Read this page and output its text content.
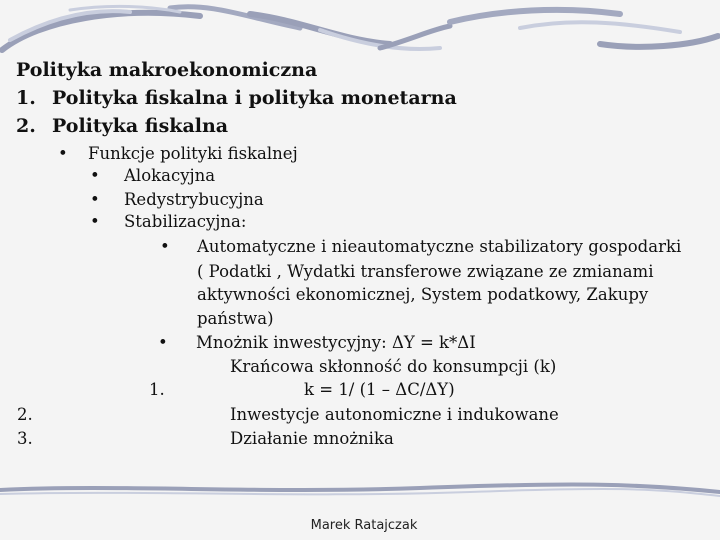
Polityka makroekonomiczna
1. Polityka fiskalna i polityka monetarna
2. Polityka fiskalna
• Funkcje polityki fiskalnej
• Alokacyjna
• Redystrybucyjna
• Stabilizacyjna:
• Automatyczne i nieautomatyczne stabilizatory gospodarki
( Podatki , Wydatki transferowe związane ze zmianami
aktywności ekonomicznej, System podatkowy, Zakupy
państwa)
• Mnożnik inwestycyjny: ΔY = k*ΔI
Krańcowa skłonność do konsumpcji (k)
1.	k = 1/ (1 – ΔC/ΔY)
2.	Inwestycje autonomiczne i indukowane
3.	Działanie mnożnika
Marek Ratajczak
